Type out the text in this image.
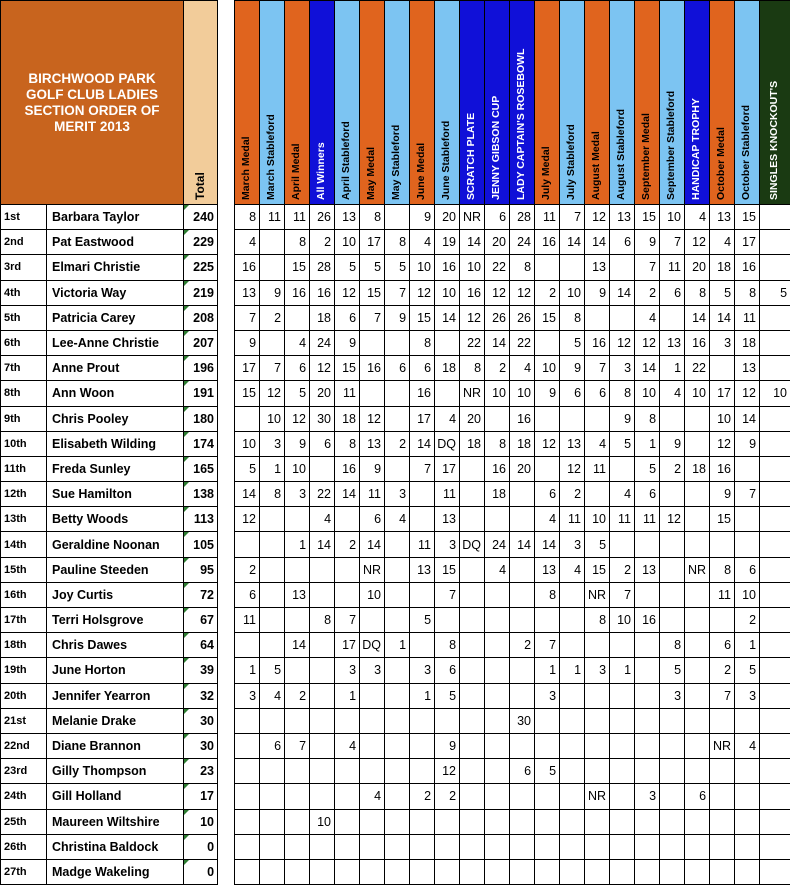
BIRCHWOOD PARK
GOLF CLUB LADIES
SECTION ORDER OF
MERIT 2013		Total		March Medal	March Stableford	April Medal	All Winners	April Stableford	May Medal	May Stableford	June Medal	June Stableford	SCRATCH PLATE	JENNY GIBSON CUP	LADY CAPTAIN'S ROSEBOWL	July Medal	July Stableford	August Medal	August Stableford	September Medal	September Stableford	HANDICAP TROPHY	October Medal	October Stableford	SINGLES KNOCKOUT'S

1st	Barbara Taylor	240		8	11	11	26	13	8		9	20	NR	6	28	11	7	12	13	15	10	4	13	15	
2nd	Pat Eastwood	229		4		8	2	10	17	8	4	19	14	20	24	16	14	14	6	9	7	12	4	17	
3rd	Elmari Christie	225		16		15	28	5	5	5	10	16	10	22	8			13		7	11	20	18	16	
4th	Victoria Way	219		13	9	16	16	12	15	7	12	10	16	12	12	2	10	9	14	2	6	8	5	8	5
5th	Patricia Carey	208		7	2		18	6	7	9	15	14	12	26	26	15	8			4		14	14	11	
6th	Lee-Anne Christie	207		9		4	24	9			8		22	14	22		5	16	12	12	13	16	3	18	
7th	Anne Prout	196		17	7	6	12	15	16	6	6	18	8	2	4	10	9	7	3	14	1	22		13	
8th	Ann Woon	191		15	12	5	20	11			16		NR	10	10	9	6	6	8	10	4	10	17	12	10
9th	Chris Pooley	180			10	12	30	18	12		17	4	20		16				9	8			10	14	
10th	Elisabeth Wilding	174		10	3	9	6	8	13	2	14	DQ	18	8	18	12	13	4	5	1	9		12	9	
11th	Freda Sunley	165		5	1	10		16	9		7	17		16	20		12	11		5	2	18	16		
12th	Sue Hamilton	138		14	8	3	22	14	11	3		11		18		6	2		4	6			9	7	
13th	Betty Woods	113		12			4		6	4		13				4	11	10	11	11	12		15		
14th	Geraldine Noonan	105				1	14	2	14		11	3	DQ	24	14	14	3	5							
15th	Pauline Steeden	95		2					NR		13	15		4		13	4	15	2	13		NR	8	6	
16th	Joy Curtis	72		6		13			10			7				8		NR	7				11	10	
17th	Terri Holsgrove	67		11			8	7			5							8	10	16				2	
18th	Chris Dawes	64				14		17	DQ	1		8			2	7					8		6	1	
19th	June Horton	39		1	5			3	3		3	6				1	1	3	1		5		2	5	
20th	Jennifer Yearron	32		3	4	2		1			1	5				3					3		7	3	
21st	Melanie Drake	30													30										
22nd	Diane Brannon	30			6	7		4				9											NR	4	
23rd	Gilly Thompson	23										12			6	5									
24th	Gill Holland	17							4		2	2						NR		3		6			
25th	Maureen Wiltshire	10					10																		
26th	Christina Baldock	0																							
27th	Madge Wakeling	0																							
